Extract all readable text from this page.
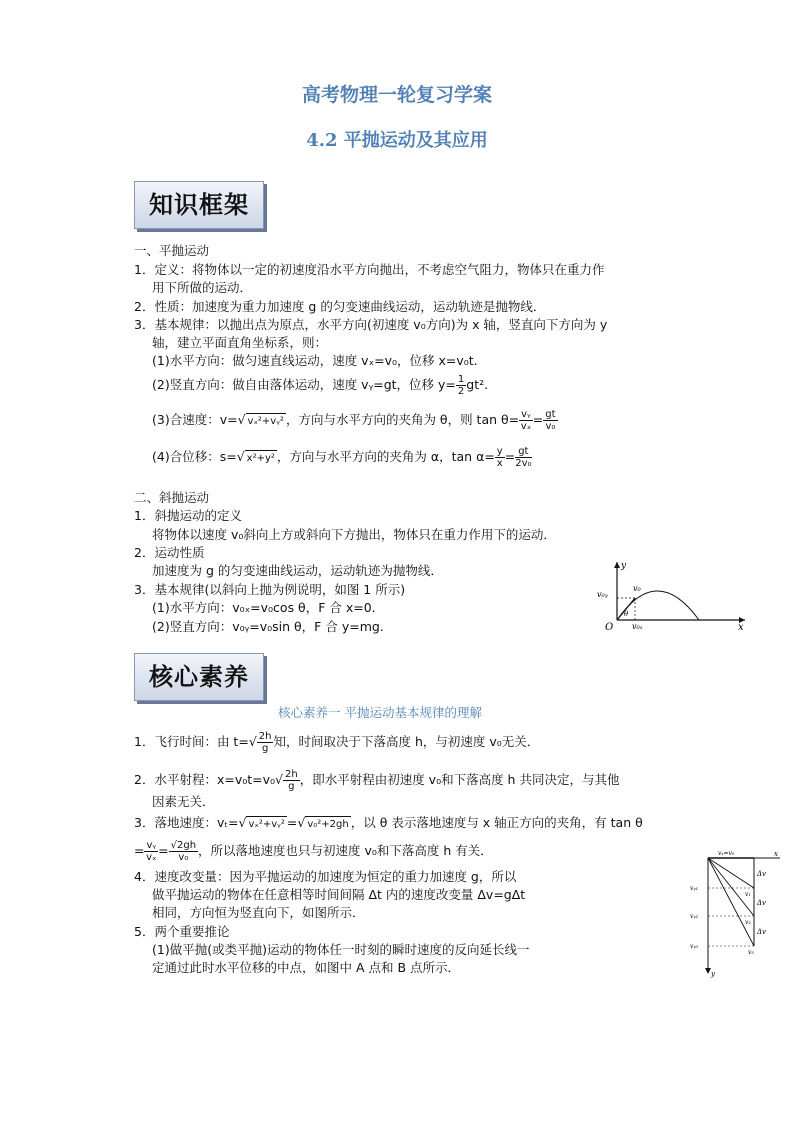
高考物理一轮复习学案
4.2 平抛运动及其应用
知识框架
一、平抛运动
1．定义：将物体以一定的初速度沿水平方向抛出，不考虑空气阻力，物体只在重力作
用下所做的运动．
2．性质：加速度为重力加速度 g 的匀变速曲线运动，运动轨迹是抛物线．
3．基本规律：以抛出点为原点，水平方向(初速度 v₀方向)为 x 轴，竖直向下方向为 y
轴，建立平面直角坐标系，则：
(1)水平方向：做匀速直线运动，速度 vₓ=v₀，位移 x=v₀t.
(2)竖直方向：做自由落体运动，速度 vᵧ=gt，位移 $y= \frac{1}{2} gt^2$.
(3)合速度：v=√ vₓ²+vᵧ² ，方向与水平方向的夹角为 θ，则 $\tan \theta= \frac{\text{vᵧ}}{\text{vₓ}} = \frac{gt}{\text{v₀}}$
(4)合位移：s=√ x²+y² ，方向与水平方向的夹角为 α，$\tan \alpha= \frac{y}{x} = \frac{gt}{\text{2v₀}}$
二、斜抛运动
1．斜抛运动的定义
将物体以速度 v₀斜向上方或斜向下方抛出，物体只在重力作用下的运动．
2．运动性质
加速度为 g 的匀变速曲线运动，运动轨迹为抛物线．
3．基本规律(以斜向上抛为例说明，如图 1 所示)
(1)水平方向：v₀ₓ=v₀cos θ，F 合 x=0.
(2)竖直方向：v₀ᵧ=v₀sin θ，F 合 y=mg.
y
x
O
v₀
v₀ᵧ
v₀ₓ
θ
核心素养
核心素养一 平抛运动基本规律的理解
1．飞行时间：由 $t=√ \frac{2h}{g}$ 知，时间取决于下落高度 h，与初速度 v₀无关．
2．水平射程：$x=v_0t=v_0√ \frac{2h}{g}$ ，即水平射程由初速度 v₀和下落高度 h 共同决定，与其他
因素无关．
3．落地速度：vₜ=√ vₓ²+vᵧ² =√ v₀²+2gh ，以 θ 表示落地速度与 x 轴正方向的夹角，有 tan θ
= $\frac{\text{vᵧ}}{\text{vₓ}} = \frac{√2gh}{\text{v₀}}$ ，所以落地速度也只与初速度 v₀和下落高度 h 有关．
4．速度改变量：因为平抛运动的加速度为恒定的重力加速度 g，所以
做平抛运动的物体在任意相等时间间隔 Δt 内的速度改变量 Δv=gΔt
相同，方向恒为竖直向下，如图所示．
5．两个重要推论
(1)做平抛(或类平抛)运动的物体任一时刻的瞬时速度的反向延长线一
定通过此时水平位移的中点，如图中 A 点和 B 点所示．
vₓ=v₀	x
y
vᵧ₁
vᵧ₂
vᵧ₃
v₁
v₂
v₃
Δv
Δv
Δv
